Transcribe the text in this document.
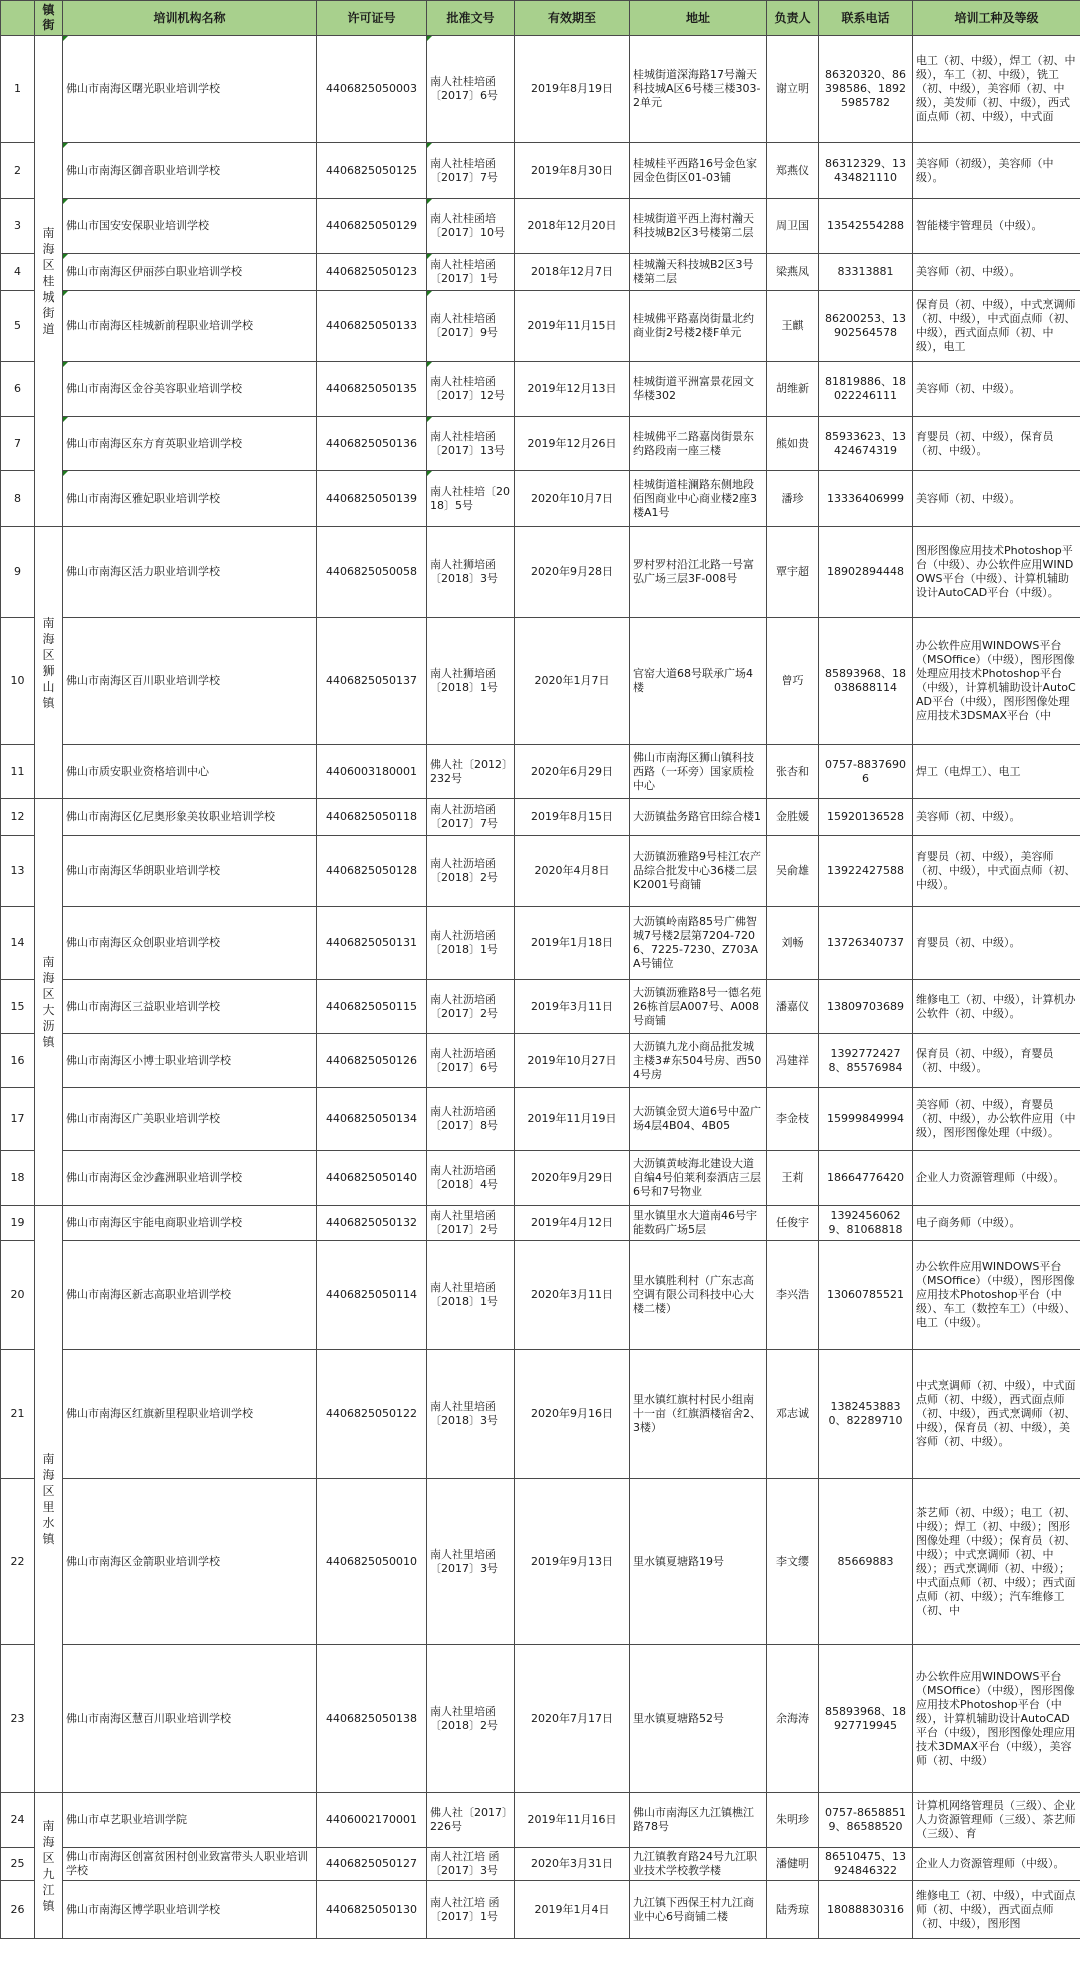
	镇街	培训机构名称	许可证号	批准文号	有效期至	地址	负责人	联系电话	培训工种及等级
1	南海区桂城街道	佛山市南海区曙光职业培训学校	4406825050003	南人社桂培函〔2017〕6号	2019年8月19日	桂城街道深海路17号瀚天科技城A区6号楼三楼303-2单元	谢立明	86320320、86398586、18925985782	电工（初、中级），焊工（初、中级），车工（初、中级），铣工（初、中级），美容师（初、中级），美发师（初、中级），西式面点师（初、中级），中式面
2		佛山市南海区御音职业培训学校	4406825050125	南人社桂培函〔2017〕7号	2019年8月30日	桂城桂平西路16号金色家园金色街区01-03铺	郑燕仪	86312329、13434821110	美容师（初级），美容师（中级）。
3		佛山市国安安保职业培训学校	4406825050129	南人社桂函培〔2017〕10号	2018年12月20日	桂城街道平西上海村瀚天科技城B2区3号楼第二层	周卫国	13542554288	智能楼宇管理员（中级）。
4		佛山市南海区伊丽莎白职业培训学校	4406825050123	南人社桂培函〔2017〕1号	2018年12月7日	桂城瀚天科技城B2区3号楼第二层	梁燕凤	83313881	美容师（初、中级）。
5		佛山市南海区桂城新前程职业培训学校	4406825050133	南人社桂培函〔2017〕9号	2019年11月15日	桂城佛平路嘉岗街量北约商业街2号楼2楼F单元	王麒	86200253、13902564578	保育员（初、中级），中式烹调师（初、中级），中式面点师（初、中级），西式面点师（初、中级），电工
6		佛山市南海区金谷美容职业培训学校	4406825050135	南人社桂培函〔2017〕12号	2019年12月13日	桂城街道平洲富景花园文华楼302	胡维新	81819886、18022246111	美容师（初、中级）。
7		佛山市南海区东方育英职业培训学校	4406825050136	南人社桂培函〔2017〕13号	2019年12月26日	桂城佛平二路嘉岗街景东约路段南一座三楼	熊如贵	85933623、13424674319	育婴员（初、中级），保育员（初、中级）。
8		佛山市南海区雅妃职业培训学校	4406825050139	南人社桂培〔2018〕5号	2020年10月7日	桂城街道桂澜路东侧地段佰图商业中心商业楼2座3楼A1号	潘珍	13336406999	美容师（初、中级）。
9	南海区狮山镇	佛山市南海区活力职业培训学校	4406825050058	南人社狮培函〔2018〕3号	2020年9月28日	罗村罗村沿江北路一号富弘广场三层3F-008号	覃宇超	18902894448	图形图像应用技术Photoshop平台（中级）、办公软件应用WINDOWS平台（中级）、计算机辅助设计AutoCAD平台（中级）。
10		佛山市南海区百川职业培训学校	4406825050137	南人社狮培函〔2018〕1号	2020年1月7日	官窑大道68号联承广场4楼	曾巧	85893968、18038688114	办公软件应用WINDOWS平台（MSOffice）（中级），图形图像处理应用技术Photoshop平台（中级），计算机辅助设计AutoCAD平台（中级），图形图像处理应用技术3DSMAX平台（中
11		佛山市质安职业资格培训中心	4406003180001	佛人社〔2012〕232号	2020年6月29日	佛山市南海区狮山镇科技西路（一环旁）国家质检中心	张杏和	0757-88376906	焊工（电焊工）、电工
12	南海区大沥镇	佛山市南海区亿尼奥形象美妆职业培训学校	4406825050118	南人社沥培函〔2017〕7号	2019年8月15日	大沥镇盐务路官田综合楼1	金胜媛	15920136528	美容师（初、中级）。
13		佛山市南海区华朗职业培训学校	4406825050128	南人社沥培函〔2018〕2号	2020年4月8日	大沥镇沥雅路9号桂江农产品综合批发中心36楼二层K2001号商铺	吴俞雄	13922427588	育婴员（初、中级），美容师（初、中级），中式面点师（初、中级）。
14		佛山市南海区众创职业培训学校	4406825050131	南人社沥培函〔2018〕1号	2019年1月18日	大沥镇岭南路85号广佛智城7号楼2层第7204-7206、7225-7230、Z703AA号铺位	刘畅	13726340737	育婴员（初、中级）。
15		佛山市南海区三益职业培训学校	4406825050115	南人社沥培函〔2017〕2号	2019年3月11日	大沥镇沥雅路8号一德名苑26栋首层A007号、A008号商铺	潘嘉仪	13809703689	维修电工（初、中级），计算机办公软件（初、中级）。
16		佛山市南海区小博士职业培训学校	4406825050126	南人社沥培函〔2017〕6号	2019年10月27日	大沥镇九龙小商品批发城主楼3#东504号房、西504号房	冯建祥	13927724278、85576984	保育员（初、中级），育婴员（初、中级）。
17		佛山市南海区广美职业培训学校	4406825050134	南人社沥培函〔2017〕8号	2019年11月19日	大沥镇金贸大道6号中盈广场4层4B04、4B05	李金枝	15999849994	美容师（初、中级），育婴员（初、中级），办公软件应用（中级），图形图像处理（中级）。
18		佛山市南海区金沙鑫洲职业培训学校	4406825050140	南人社沥培函〔2018〕4号	2020年9月29日	大沥镇黄岐海北建设大道自编4号伯莱利泰酒店三层6号和7号物业	王莉	18664776420	企业人力资源管理师（中级）。
19	南海区里水镇	佛山市南海区宇能电商职业培训学校	4406825050132	南人社里培函〔2017〕2号	2019年4月12日	里水镇里水大道南46号宇能数码广场5层	任俊宇	13924560629、81068818	电子商务师（中级）。
20		佛山市南海区新志高职业培训学校	4406825050114	南人社里培函〔2018〕1号	2020年3月11日	里水镇胜利村（广东志高空调有限公司科技中心大楼二楼）	李兴浩	13060785521	办公软件应用WINDOWS平台（MSOffice）（中级），图形图像应用技术Photoshop平台（中级）、车工（数控车工）（中级）、电工（中级）。
21		佛山市南海区红旗新里程职业培训学校	4406825050122	南人社里培函〔2018〕3号	2020年9月16日	里水镇红旗村村民小组南十一亩（红旗酒楼宿舍2、3楼）	邓志诚	13824538830、82289710	中式烹调师（初、中级），中式面点师（初、中级），西式面点师（初、中级），西式烹调师（初、中级），保育员（初、中级），美容师（初、中级）。
22		佛山市南海区金箭职业培训学校	4406825050010	南人社里培函〔2017〕3号	2019年9月13日	里水镇夏塘路19号	李文缨	85669883	茶艺师（初、中级）；电工（初、中级）；焊工（初、中级）；图形图像处理（中级）；保育员（初、中级）；中式烹调师（初、中级）；西式烹调师（初、中级）；中式面点师（初、中级）；西式面点师（初、中级）；汽车维修工（初、中
23		佛山市南海区慧百川职业培训学校	4406825050138	南人社里培函〔2018〕2号	2020年7月17日	里水镇夏塘路52号	余海涛	85893968、18927719945	办公软件应用WINDOWS平台（MSOffice）（中级），图形图像应用技术Photoshop平台（中级），计算机辅助设计AutoCAD平台（中级），图形图像处理应用技术3DMAX平台（中级），美容师（初、中级）
24	南海区九江镇	佛山市卓艺职业培训学院	4406002170001	佛人社〔2017〕226号	2019年11月16日	佛山市南海区九江镇樵江路78号	朱明珍	0757-86588519、86588520	计算机网络管理员（三级）、企业人力资源管理师（三级）、茶艺师（三级）、育
25		佛山市南海区创富贫困村创业致富带头人职业培训学校	4406825050127	南人社江培 函〔2017〕3号	2020年3月31日	九江镇教育路24号九江职业技术学校教学楼	潘健明	86510475、13924846322	企业人力资源管理师（中级）。
26		佛山市南海区博学职业培训学校	4406825050130	南人社江培 函〔2017〕1号	2019年1月4日	九江镇下西保王村九江商业中心6号商铺二楼	陆秀琼	18088830316	维修电工（初、中级），中式面点师（初、中级），西式面点师（初、中级），图形图
